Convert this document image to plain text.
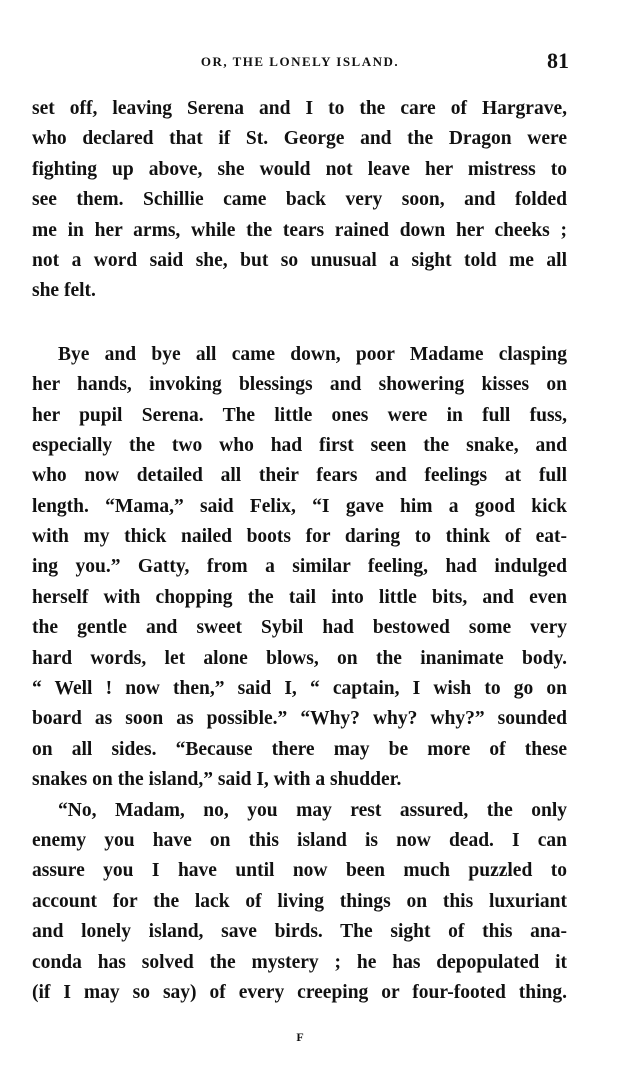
OR, THE LONELY ISLAND.	81
set off, leaving Serena and I to the care of Hargrave,
who declared that if St. George and the Dragon were
fighting up above, she would not leave her mistress to
see them. Schillie came back very soon, and folded
me in her arms, while the tears rained down her cheeks ;
not a word said she, but so unusual a sight told me all
she felt.
Bye and bye all came down, poor Madame clasping
her hands, invoking blessings and showering kisses on
her pupil Serena. The little ones were in full fuss,
especially the two who had first seen the snake, and
who now detailed all their fears and feelings at full
length. “Mama,” said Felix, “I gave him a good kick
with my thick nailed boots for daring to think of eat-
ing you.” Gatty, from a similar feeling, had indulged
herself with chopping the tail into little bits, and even
the gentle and sweet Sybil had bestowed some very
hard words, let alone blows, on the inanimate body.
“ Well ! now then,” said I, “ captain, I wish to go on
board as soon as possible.” “Why? why? why?” sounded
on all sides. “Because there may be more of these
snakes on the island,” said I, with a shudder.
“No, Madam, no, you may rest assured, the only
enemy you have on this island is now dead. I can
assure you I have until now been much puzzled to
account for the lack of living things on this luxuriant
and lonely island, save birds. The sight of this ana-
conda has solved the mystery ; he has depopulated it
(if I may so say) of every creeping or four-footed thing.
F
